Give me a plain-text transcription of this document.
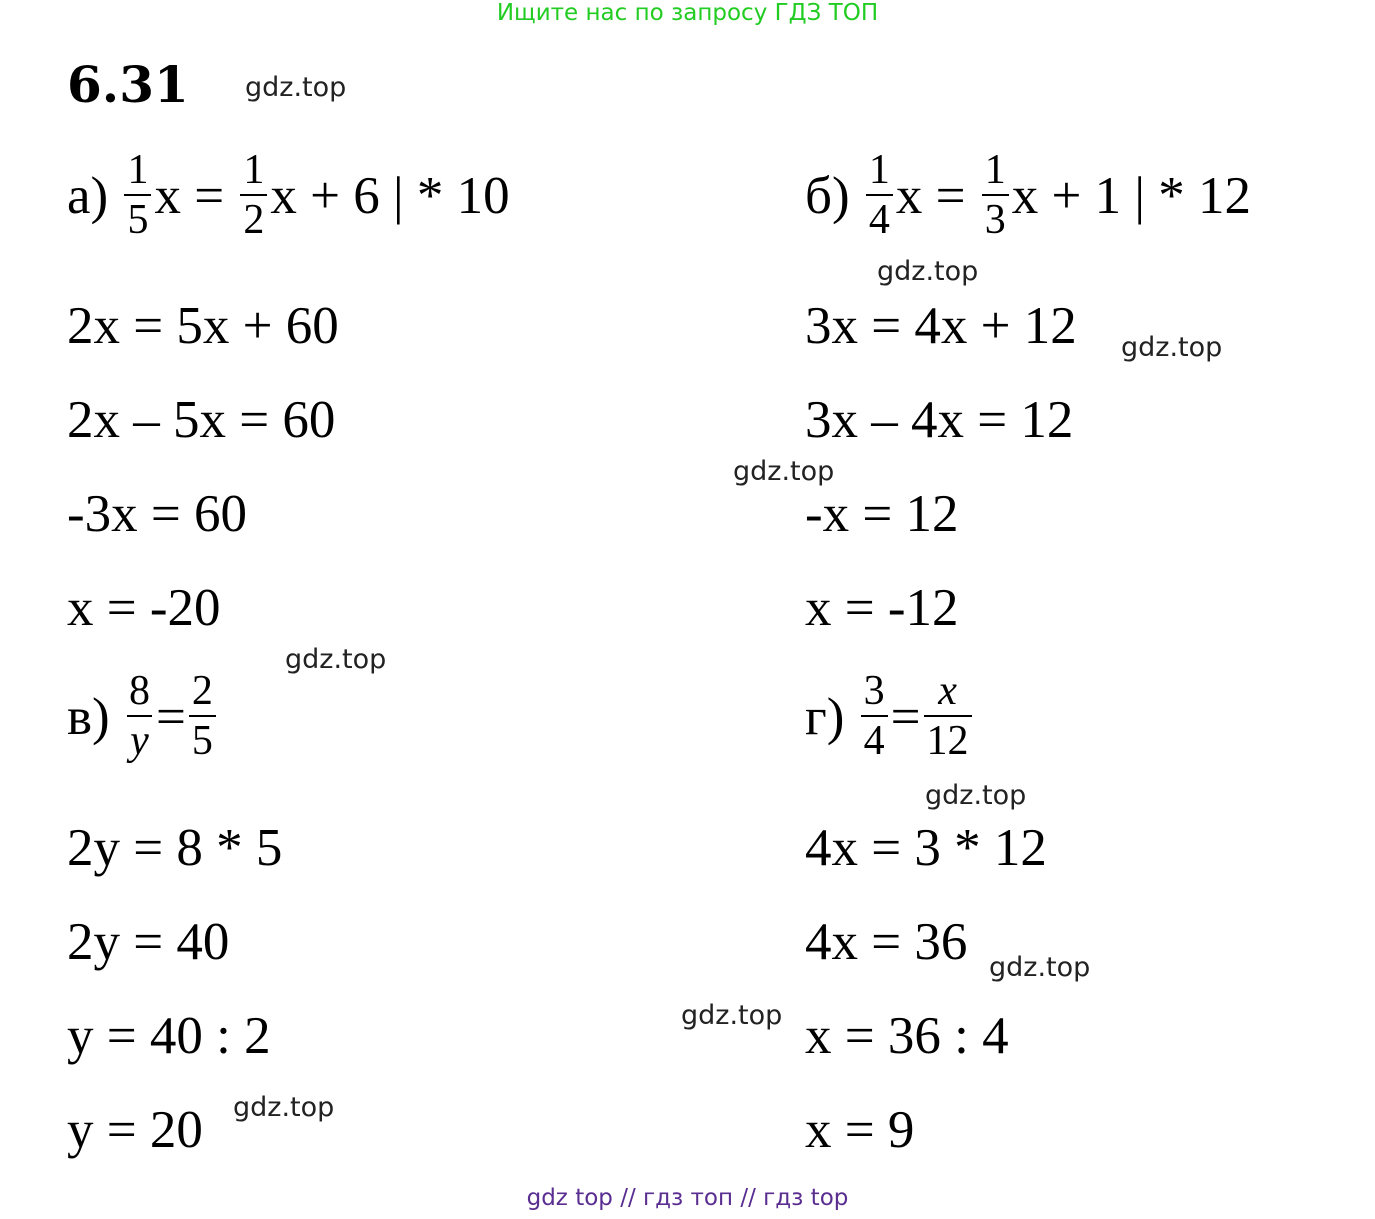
Ищите нас по запросу ГДЗ ТОП
6.31 gdz.top
gdz.top
gdz.top
gdz.top
gdz.top
gdz.top
gdz.top
gdz.top
gdz.top
$а) \frac{1}{5}$ $x = \frac{1}{2}$ x + 6 | * 10
2x = 5x + 60
2x – 5x = 60
-3x = 60
x = -20
$б) \frac{1}{4}$ $x = \frac{1}{3}$ x + 1 | * 12
3x = 4x + 12
3x – 4x = 12
-x = 12
x = -12
$в) \frac{8}{y} = \frac{2}{5}$
2y = 8 * 5
2y = 40
y = 40 : 2
y = 20
$г) \frac{3}{4} = \frac{x}{12}$
4x = 3 * 12
4x = 36
x = 36 : 4
x = 9
gdz top // гдз топ // гдз top
